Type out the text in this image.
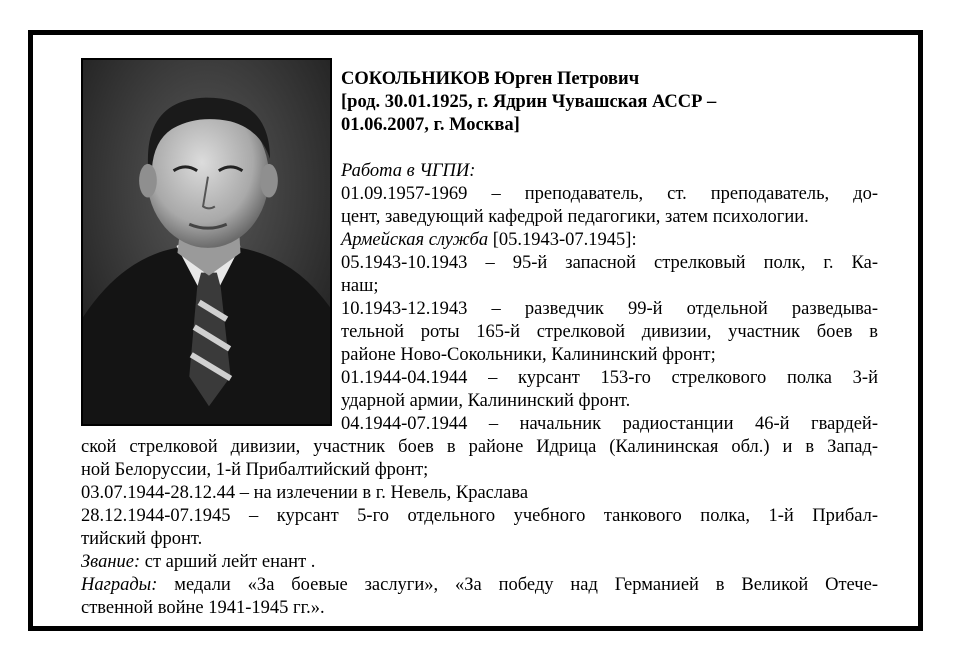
СОКОЛЬНИКОВ Юрген Петрович
[род. 30.01.1925, г. Ядрин Чувашская АССР –
01.06.2007, г. Москва]
Работа в ЧГПИ:
01.09.1957-1969 – преподаватель, ст. преподаватель, до-
цент, заведующий кафедрой педагогики, затем психологии.
Армейская служба [05.1943-07.1945]:
05.1943-10.1943 – 95-й запасной стрелковый полк, г. Ка-
наш;
10.1943-12.1943 – разведчик 99-й отдельной разведыва-
тельной роты 165-й стрелковой дивизии, участник боев в
районе Ново-Сокольники, Калининский фронт;
01.1944-04.1944 – курсант 153-го стрелкового полка 3-й
ударной армии, Калининский фронт.
04.1944-07.1944 – начальник радиостанции 46-й гвардей-
ской стрелковой дивизии, участник боев в районе Идрица (Калининская обл.) и в Запад-
ной Белоруссии, 1-й Прибалтийский фронт;
03.07.1944-28.12.44 – на излечении в г. Невель, Краслава
28.12.1944-07.1945 – курсант 5-го отдельного учебного танкового полка, 1-й Прибал-
тийский фронт.
Звание: ст арший лейт енант .
Награды: медали «За боевые заслуги», «За победу над Германией в Великой Отече-
ственной войне 1941-1945 гг.».
